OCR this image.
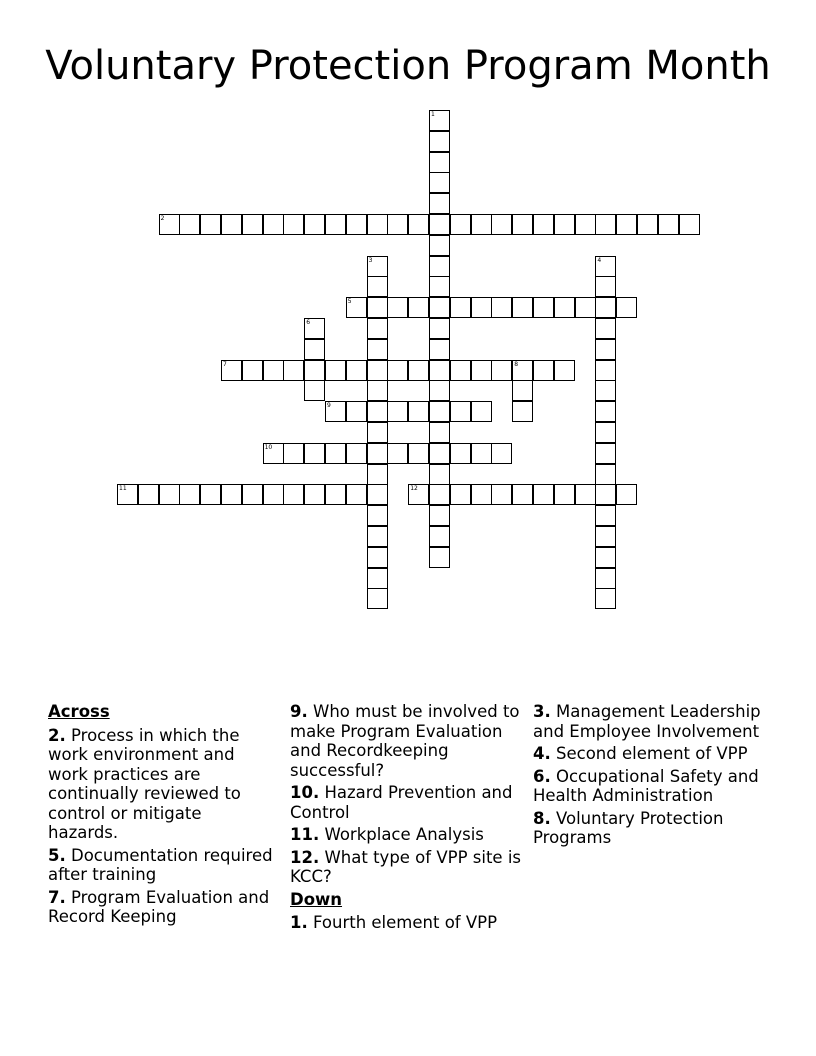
Voluntary Protection Program Month
1
2
3	4
5
6
7	8
9
10
11	12
Across
2. Process in which the work environment and work practices are continually reviewed to control or mitigate hazards.
5. Documentation required after training
7. Program Evaluation and Record Keeping
9. Who must be involved to make Program Evaluation and Recordkeeping successful?
10. Hazard Prevention and Control
11. Workplace Analysis
12. What type of VPP site is KCC?
Down
1. Fourth element of VPP
3. Management Leadership and Employee Involvement
4. Second element of VPP
6. Occupational Safety and Health Administration
8. Voluntary Protection Programs
